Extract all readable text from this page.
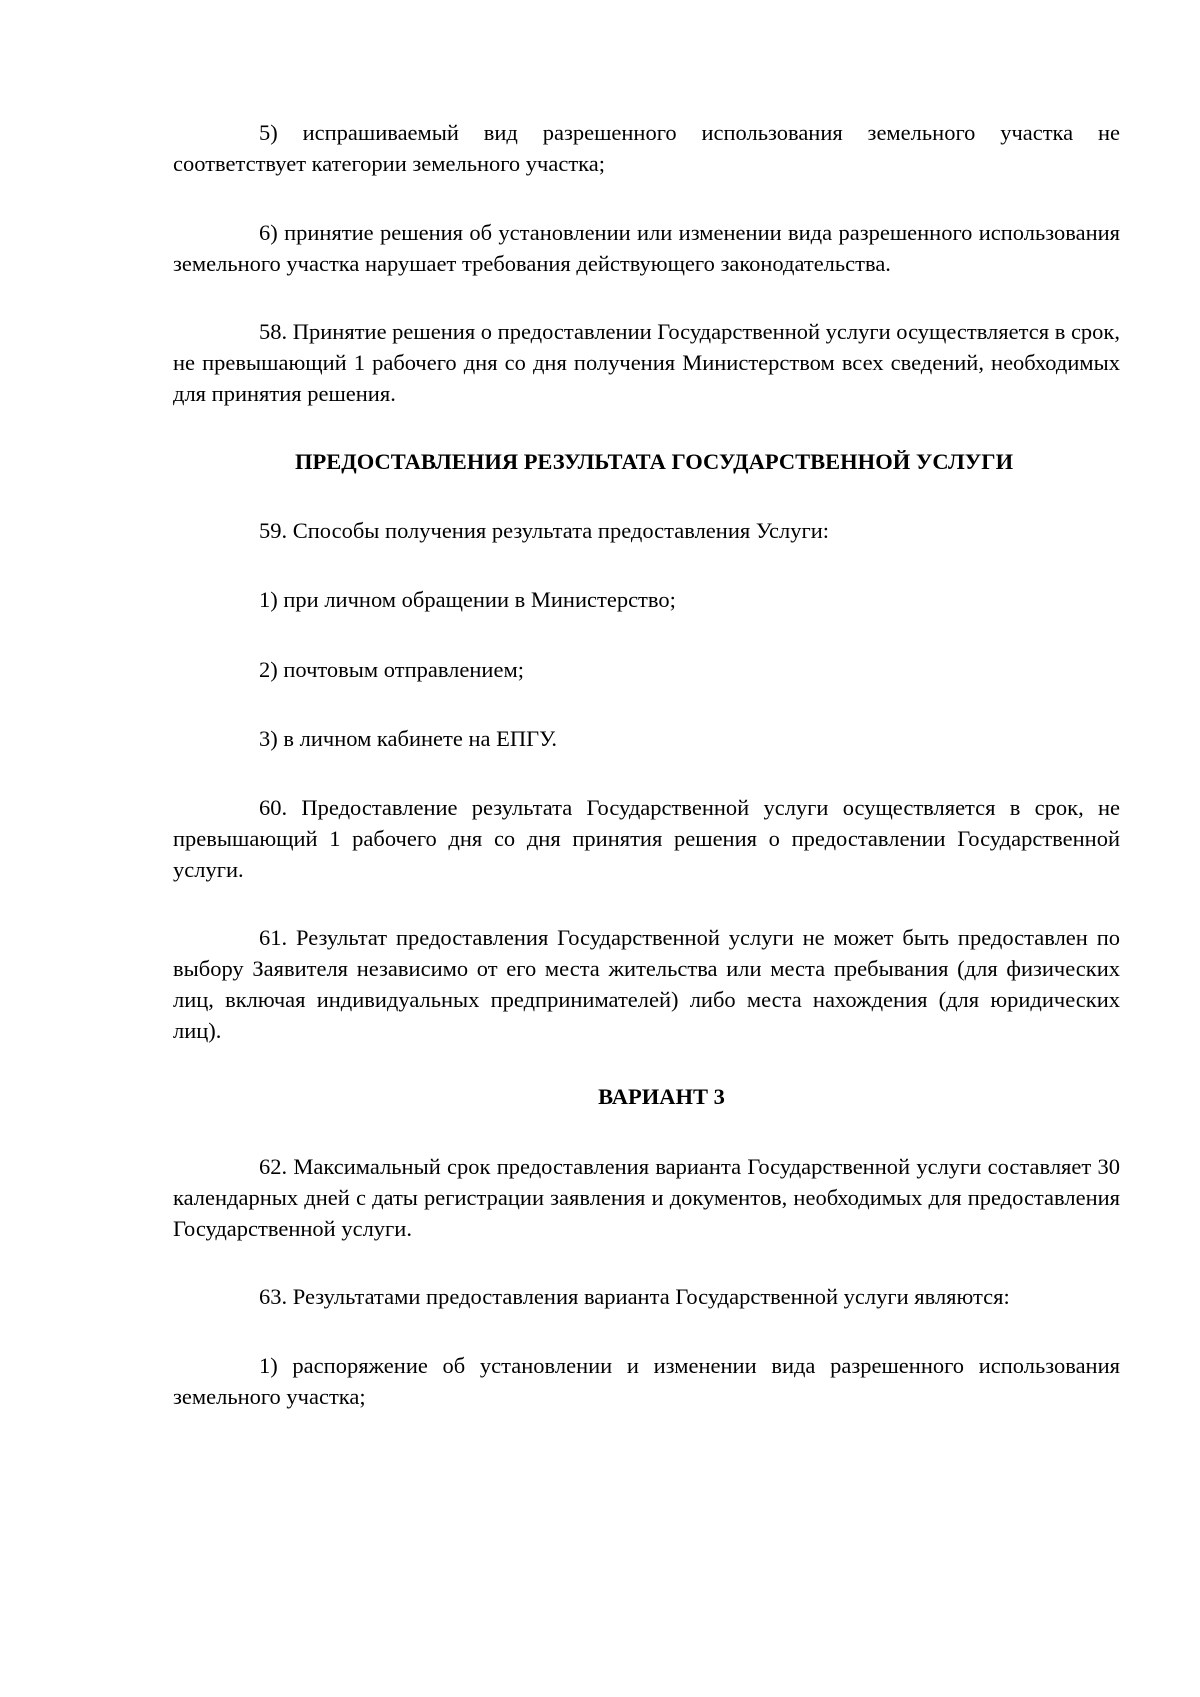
5) испрашиваемый вид разрешенного использования земельного участка не соответствует категории земельного участка;

6) принятие решения об установлении или изменении вида разрешенного использования земельного участка нарушает требования действующего законодательства.

58. Принятие решения о предоставлении Государственной услуги осуществляется в срок, не превышающий 1 рабочего дня со дня получения Министерством всех сведений, необходимых для принятия решения.

ПРЕДОСТАВЛЕНИЯ РЕЗУЛЬТАТА ГОСУДАРСТВЕННОЙ УСЛУГИ

59. Способы получения результата предоставления Услуги:

1) при личном обращении в Министерство;

2) почтовым отправлением;

3) в личном кабинете на ЕПГУ.

60. Предоставление результата Государственной услуги осуществляется в срок, не превышающий 1 рабочего дня со дня принятия решения о предоставлении Государственной услуги.

61. Результат предоставления Государственной услуги не может быть предоставлен по выбору Заявителя независимо от его места жительства или места пребывания (для физических лиц, включая индивидуальных предпринимателей) либо места нахождения (для юридических лиц).

ВАРИАНТ 3

62. Максимальный срок предоставления варианта Государственной услуги составляет 30 календарных дней с даты регистрации заявления и документов, необходимых для предоставления Государственной услуги.

63. Результатами предоставления варианта Государственной услуги являются:

1) распоряжение об установлении и изменении вида разрешенного использования земельного участка;
